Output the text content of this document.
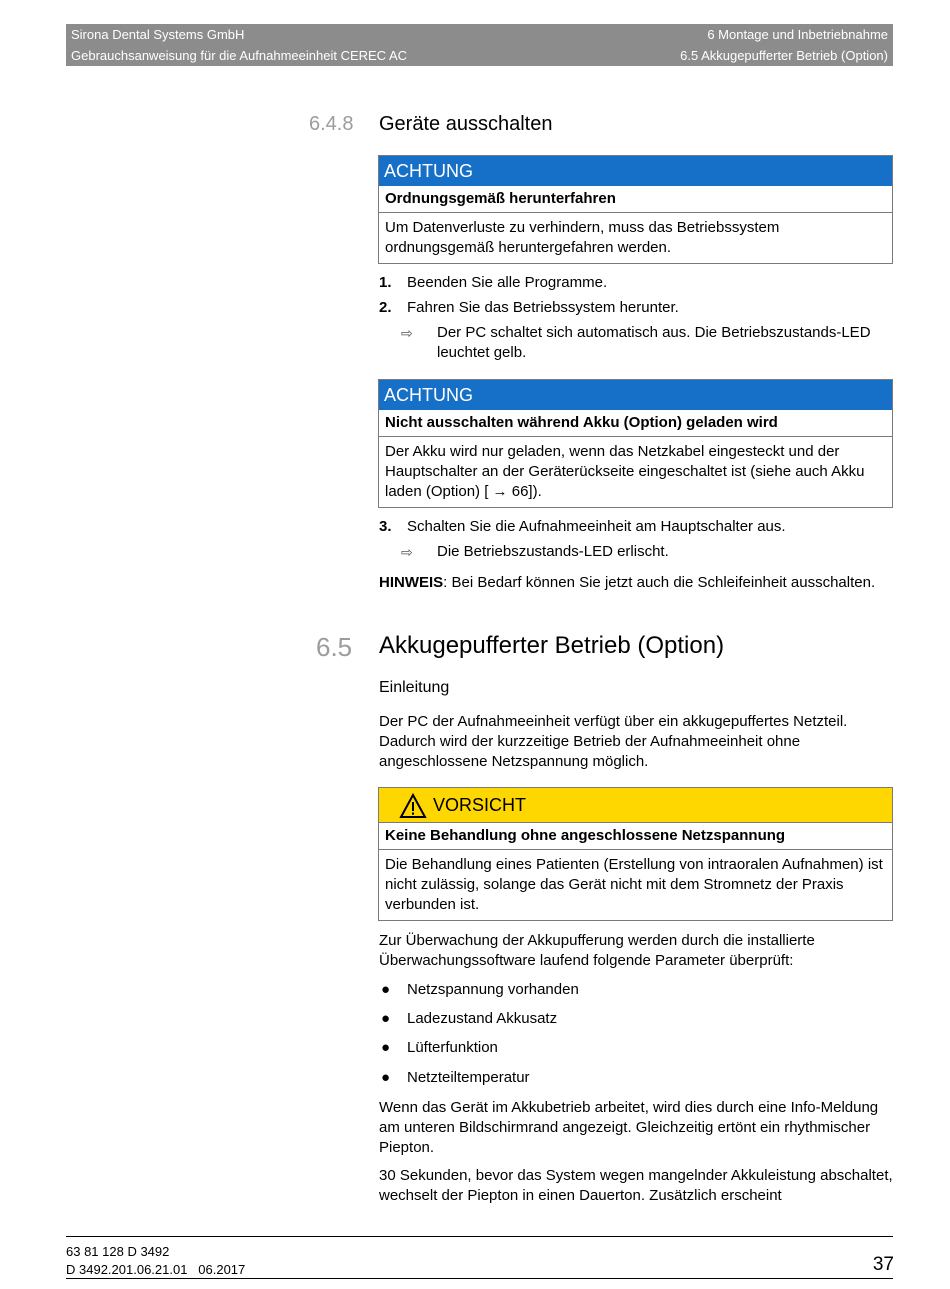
Sirona Dental Systems GmbH
Gebrauchsanweisung für die Aufnahmeeinheit CEREC AC
6 Montage und Inbetriebnahme
6.5 Akkugepufferter Betrieb (Option)
6.4.8 Geräte ausschalten
ACHTUNG
Ordnungsgemäß herunterfahren
Um Datenverluste zu verhindern, muss das Betriebssystem ordnungsgemäß heruntergefahren werden.
1. Beenden Sie alle Programme.
2. Fahren Sie das Betriebssystem herunter.
⇨	Der PC schaltet sich automatisch aus. Die Betriebszustands-LED leuchtet gelb.
ACHTUNG
Nicht ausschalten während Akku (Option) geladen wird
Der Akku wird nur geladen, wenn das Netzkabel eingesteckt und der Hauptschalter an der Geräterückseite eingeschaltet ist (siehe auch Akku laden (Option) [ → 66]).
3. Schalten Sie die Aufnahmeeinheit am Hauptschalter aus.
⇨	Die Betriebszustands-LED erlischt.
HINWEIS: Bei Bedarf können Sie jetzt auch die Schleifeinheit ausschalten.
6.5 Akkugepufferter Betrieb (Option)
Einleitung
Der PC der Aufnahmeeinheit verfügt über ein akkugepuffertes Netzteil. Dadurch wird der kurzzeitige Betrieb der Aufnahmeeinheit ohne angeschlossene Netzspannung möglich.
VORSICHT
Keine Behandlung ohne angeschlossene Netzspannung
Die Behandlung eines Patienten (Erstellung von intraoralen Aufnahmen) ist nicht zulässig, solange das Gerät nicht mit dem Stromnetz der Praxis verbunden ist.
Zur Überwachung der Akkupufferung werden durch die installierte Überwachungssoftware laufend folgende Parameter überprüft:
● Netzspannung vorhanden
● Ladezustand Akkusatz
● Lüfterfunktion
● Netzteiltemperatur
Wenn das Gerät im Akkubetrieb arbeitet, wird dies durch eine Info-Meldung am unteren Bildschirmrand angezeigt. Gleichzeitig ertönt ein rhythmischer Piepton.
30 Sekunden, bevor das System wegen mangelnder Akkuleistung abschaltet, wechselt der Piepton in einen Dauerton. Zusätzlich erscheint
63 81 128 D 3492
D 3492.201.06.21.01   06.2017	37
